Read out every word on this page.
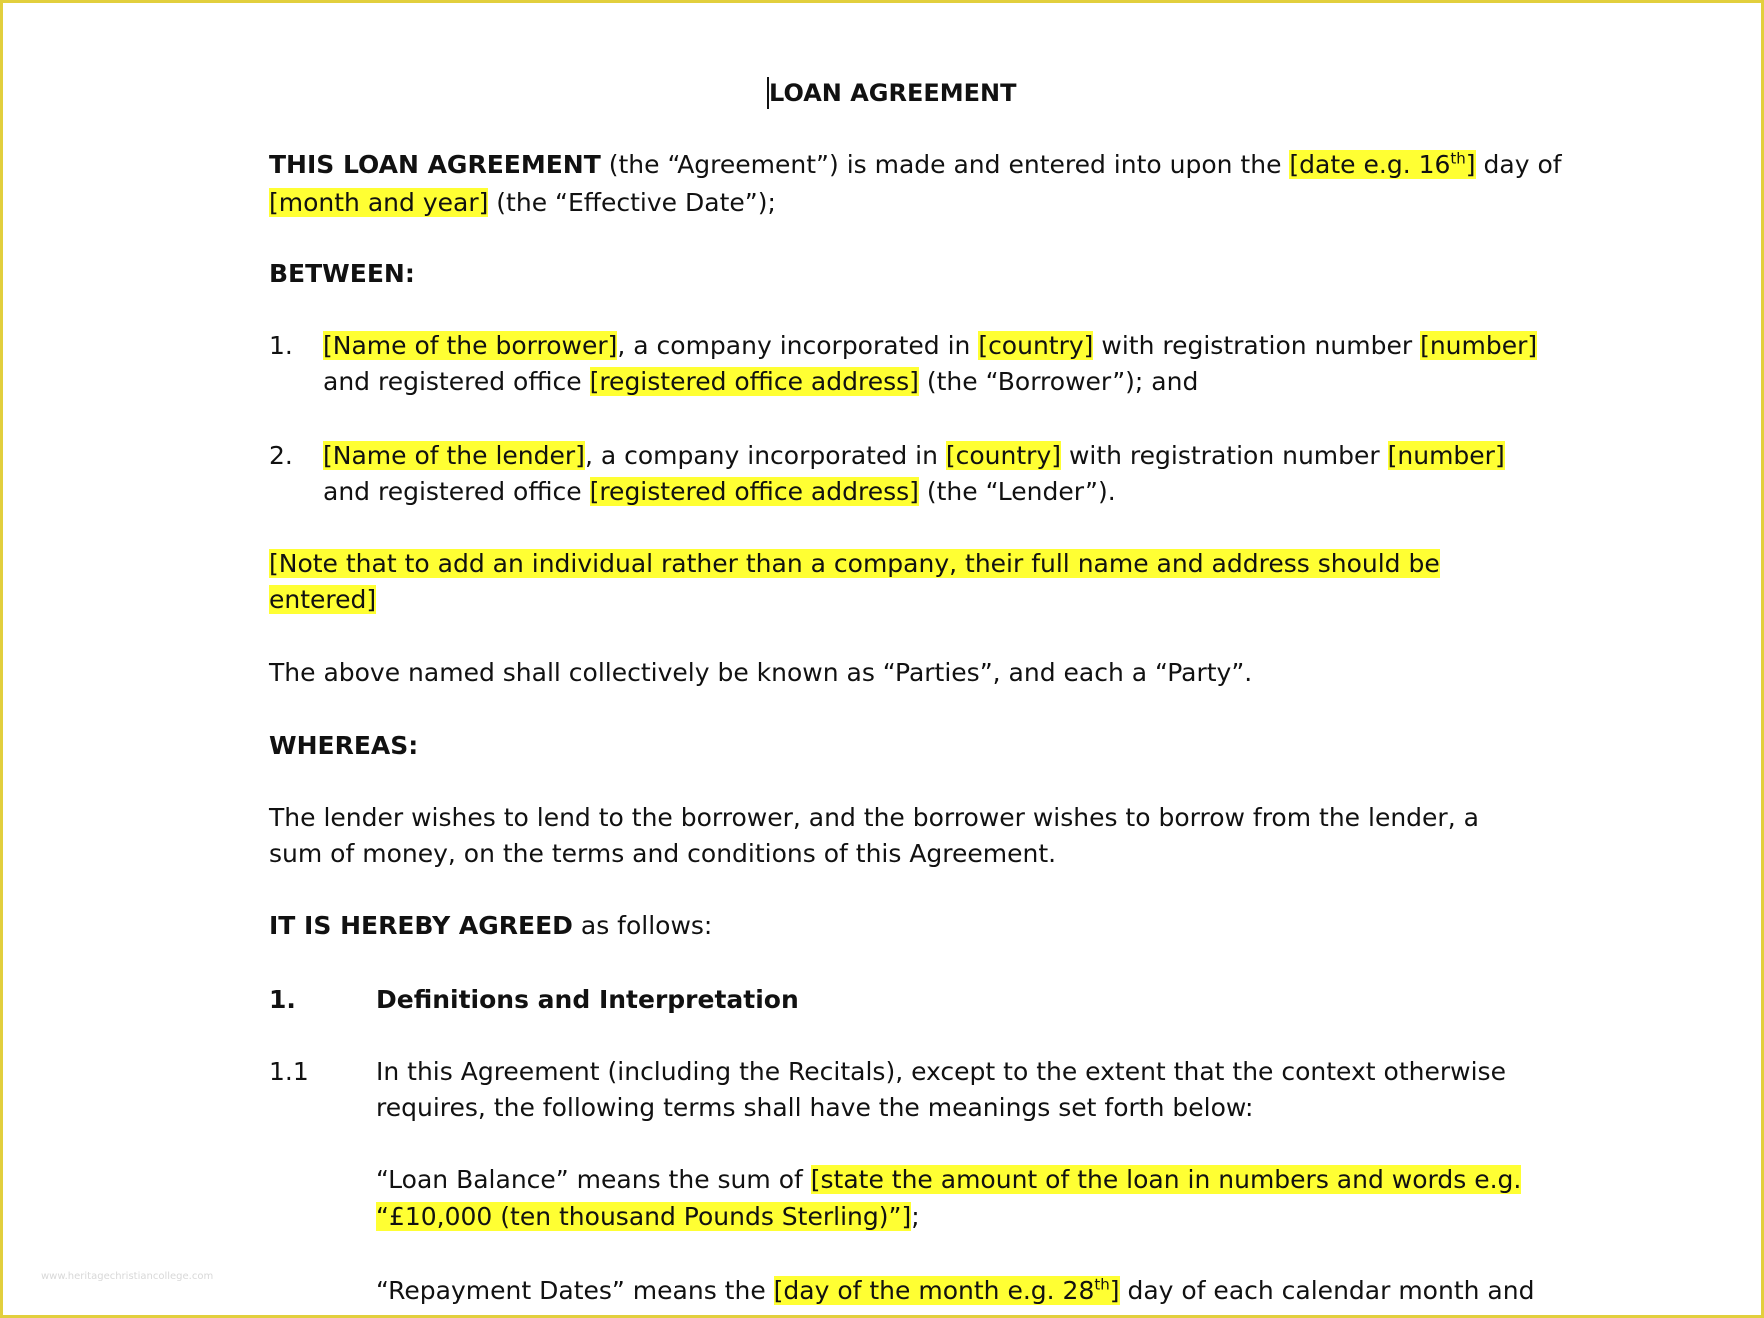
LOAN AGREEMENT

THIS LOAN AGREEMENT (the “Agreement”) is made and entered into upon the [date e.g. 16th] day of

[month and year] (the “Effective Date”);

BETWEEN:

1. [Name of the borrower], a company incorporated in [country] with registration number [number]

and registered office [registered office address] (the “Borrower”); and

2. [Name of the lender], a company incorporated in [country] with registration number [number]

and registered office [registered office address] (the “Lender”).

[Note that to add an individual rather than a company, their full name and address should be

entered]

The above named shall collectively be known as “Parties”, and each a “Party”.

WHEREAS:

The lender wishes to lend to the borrower, and the borrower wishes to borrow from the lender, a

sum of money, on the terms and conditions of this Agreement.

IT IS HEREBY AGREED as follows:

1.	Definitions and Interpretation

1.1	In this Agreement (including the Recitals), except to the extent that the context otherwise

requires, the following terms shall have the meanings set forth below:

“Loan Balance” means the sum of [state the amount of the loan in numbers and words e.g.

“£10,000 (ten thousand Pounds Sterling)”];

“Repayment Dates” means the [day of the month e.g. 28th] day of each calendar month and

www.heritagechristiancollege.com
